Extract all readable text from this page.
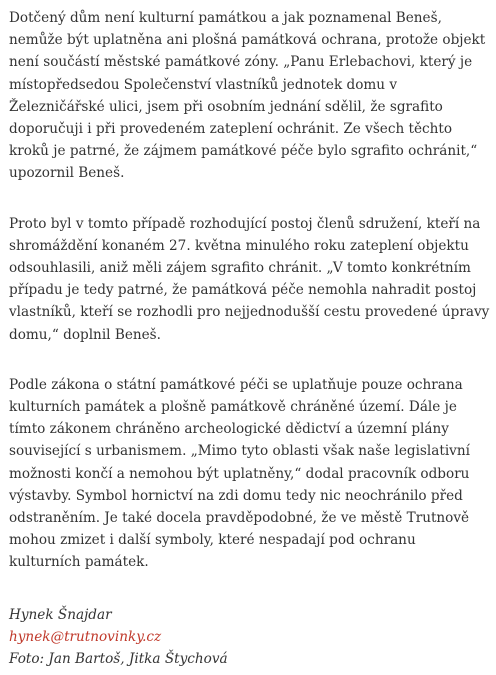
Dotčený dům není kulturní památkou a jak poznamenal Beneš, nemůže být uplatněna ani plošná památková ochrana, protože objekt není součástí městské památkové zóny. „Panu Erlebachovi, který je místopředsedou Společenství vlastníků jednotek domu v Železničářské ulici, jsem při osobním jednání sdělil, že sgrafito doporučuji i při provedeném zateplení ochránit. Ze všech těchto kroků je patrné, že zájmem památkové péče bylo sgrafito ochránit,“ upozornil Beneš.

Proto byl v tomto případě rozhodující postoj členů sdružení, kteří na shromáždění konaném 27. května minulého roku zateplení objektu odsouhlasili, aniž měli zájem sgrafito chránit. „V tomto konkrétním případu je tedy patrné, že památková péče nemohla nahradit postoj vlastníků, kteří se rozhodli pro nejjednodušší cestu provedené úpravy domu,“ doplnil Beneš.

Podle zákona o státní památkové péči se uplatňuje pouze ochrana kulturních památek a plošně památkově chráněné území. Dále je tímto zákonem chráněno archeologické dědictví a územní plány související s urbanismem. „Mimo tyto oblasti však naše legislativní možnosti končí a nemohou být uplatněny,“ dodal pracovník odboru výstavby. Symbol hornictví na zdi domu tedy nic neochránilo před odstraněním. Je také docela pravděpodobné, že ve městě Trutnově mohou zmizet i další symboly, které nespadají pod ochranu kulturních památek.

Hynek Šnajdar
hynek@trutnovinky.cz
Foto: Jan Bartoš, Jitka Štychová
